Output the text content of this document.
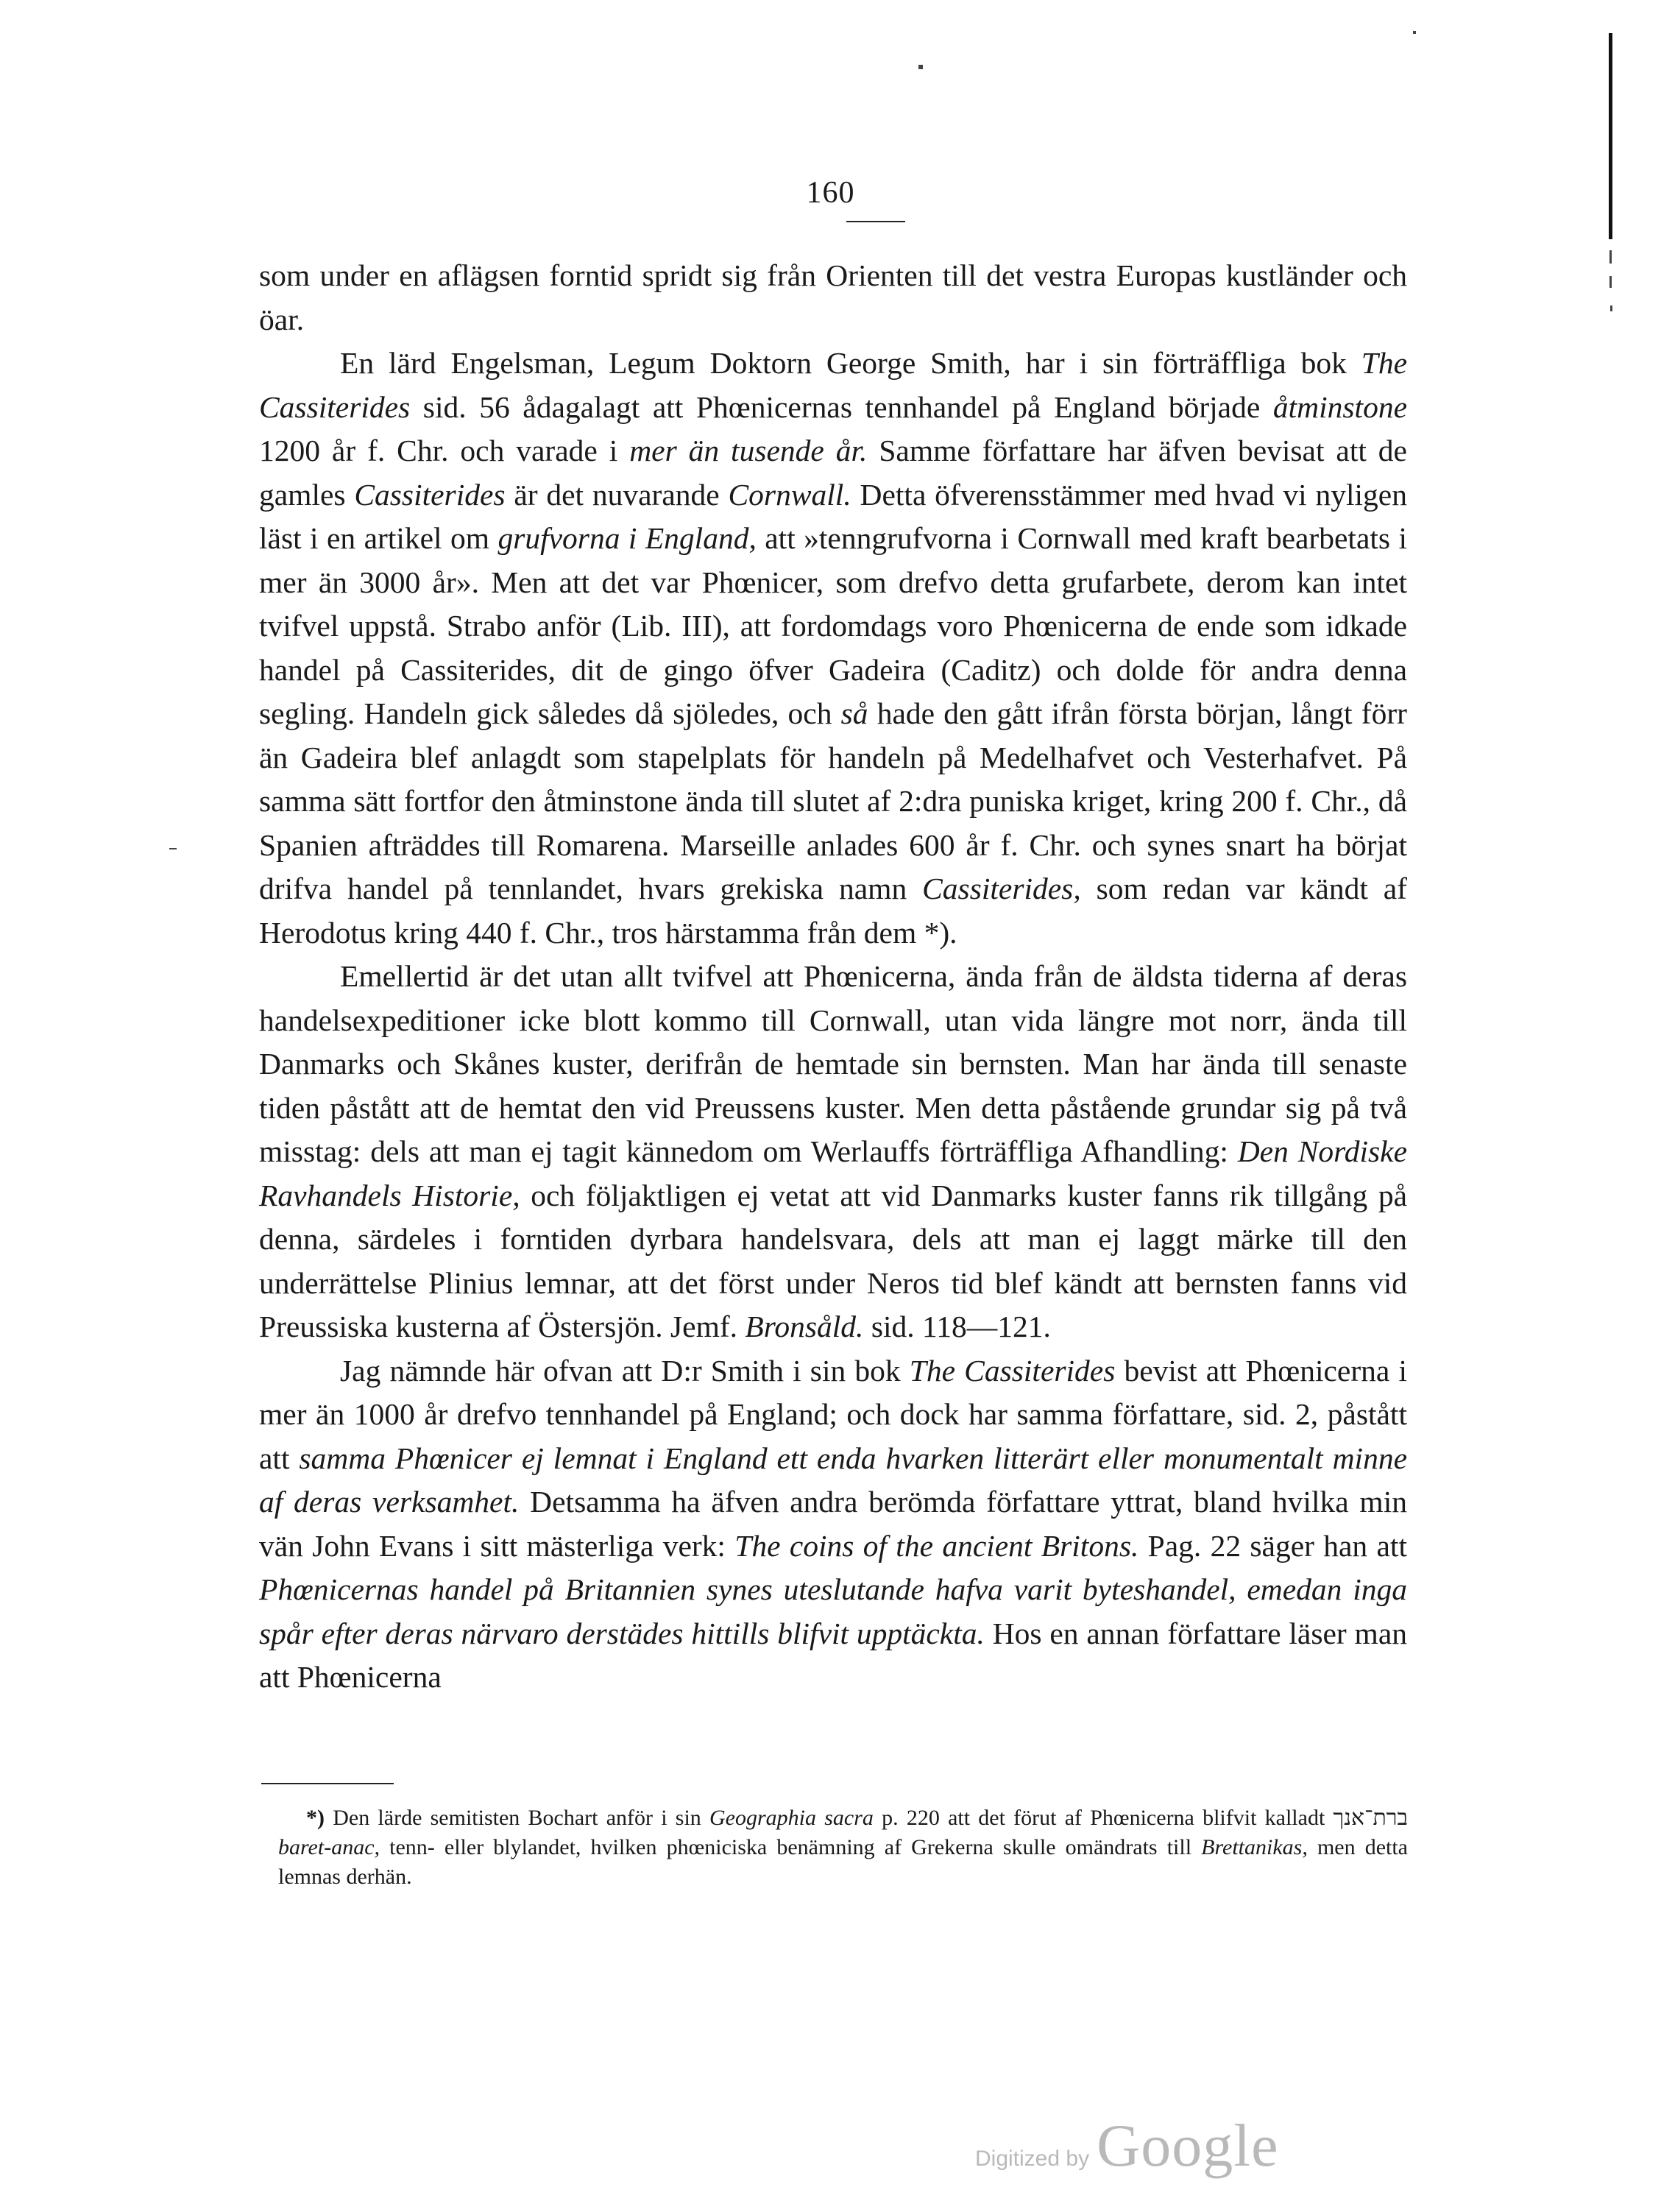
160

som under en aflägsen forntid spridt sig från Orienten till det vestra Europas kustländer och öar.

En lärd Engelsman, Legum Doktorn George Smith, har i sin förträffliga bok The Cassiterides sid. 56 ådagalagt att Phœnicernas tennhandel på England började åtminstone 1200 år f. Chr. och varade i mer än tusende år. Samme författare har äfven bevisat att de gamles Cassiterides är det nuvarande Cornwall. Detta öfverensstämmer med hvad vi nyligen läst i en artikel om grufvorna i England, att »tenngrufvorna i Cornwall med kraft bearbetats i mer än 3000 år». Men att det var Phœnicer, som drefvo detta grufarbete, derom kan intet tvifvel uppstå. Strabo anför (Lib. III), att fordomdags voro Phœnicerna de ende som idkade handel på Cassiterides, dit de gingo öfver Gadeira (Caditz) och dolde för andra denna segling. Handeln gick således då sjöledes, och så hade den gått ifrån första början, långt förr än Gadeira blef anlagdt som stapelplats för handeln på Medelhafvet och Vesterhafvet. På samma sätt fortfor den åtminstone ända till slutet af 2:dra puniska kriget, kring 200 f. Chr., då Spanien afträddes till Romarena. Marseille anlades 600 år f. Chr. och synes snart ha börjat drifva handel på tennlandet, hvars grekiska namn Cassiterides, som redan var kändt af Herodotus kring 440 f. Chr., tros härstamma från dem *).

Emellertid är det utan allt tvifvel att Phœnicerna, ända från de äldsta tiderna af deras handelsexpeditioner icke blott kommo till Cornwall, utan vida längre mot norr, ända till Danmarks och Skånes kuster, derifrån de hemtade sin bernsten. Man har ända till senaste tiden påstått att de hemtat den vid Preussens kuster. Men detta påstående grundar sig på två misstag: dels att man ej tagit kännedom om Werlauffs förträffliga Afhandling: Den Nordiske Ravhandels Historie, och följaktligen ej vetat att vid Danmarks kuster fanns rik tillgång på denna, särdeles i forntiden dyrbara handelsvara, dels att man ej laggt märke till den underrättelse Plinius lemnar, att det först under Neros tid blef kändt att bernsten fanns vid Preussiska kusterna af Östersjön. Jemf. Bronsåld. sid. 118—121.

Jag nämnde här ofvan att D:r Smith i sin bok The Cassiterides bevist att Phœnicerna i mer än 1000 år drefvo tennhandel på England; och dock har samma författare, sid. 2, påstått att samma Phœnicer ej lemnat i England ett enda hvarken litterärt eller monumentalt minne af deras verksamhet. Detsamma ha äfven andra berömda författare yttrat, bland hvilka min vän John Evans i sitt mästerliga verk: The coins of the ancient Britons. Pag. 22 säger han att Phœnicernas handel på Britannien synes uteslutande hafva varit byteshandel, emedan inga spår efter deras närvaro derstädes hittills blifvit upptäckta. Hos en annan författare läser man att Phœnicerna

*) Den lärde semitisten Bochart anför i sin Geographia sacra p. 220 att det förut af Phœnicerna blifvit kalladt ברת־אנך baret-anac, tenn- eller blylandet, hvilken phœniciska benämning af Grekerna skulle omändrats till Brettanikas, men detta lemnas derhän.

Digitized by Google
